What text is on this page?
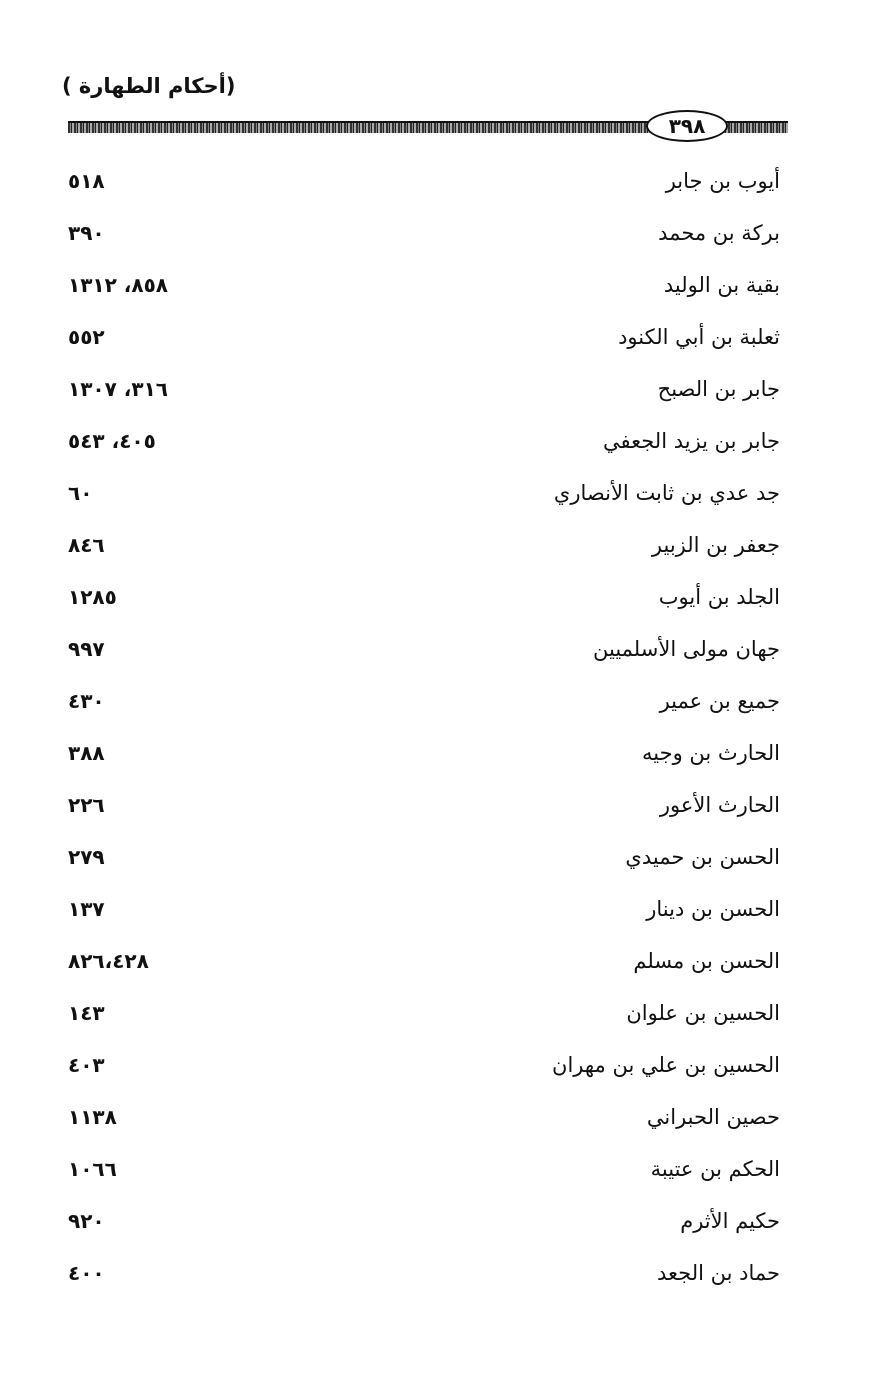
(أحكام الطهارة )
٣٩٨
أيوب بن جابر
٥١٨
بركة بن محمد
٣٩٠
بقية بن الوليد
٨٥٨، ١٣١٢
ثعلبة بن أبي الكنود
٥٥٢
جابر بن الصبح
٣١٦، ١٣٠٧
جابر بن يزيد الجعفي
٤٠٥، ٥٤٣
جد عدي بن ثابت الأنصاري
٦٠
جعفر بن الزبير
٨٤٦
الجلد بن أيوب
١٢٨٥
جهان مولى الأسلميين
٩٩٧
جميع بن عمير
٤٣٠
الحارث بن وجيه
٣٨٨
الحارث الأعور
٢٢٦
الحسن بن حميدي
٢٧٩
الحسن بن دينار
١٣٧
الحسن بن مسلم
٨٢٦،٤٢٨
الحسين بن علوان
١٤٣
الحسين بن علي بن مهران
٤٠٣
حصين الحبراني
١١٣٨
الحكم بن عتيبة
١٠٦٦
حكيم الأثرم
٩٢٠
حماد بن الجعد
٤٠٠
